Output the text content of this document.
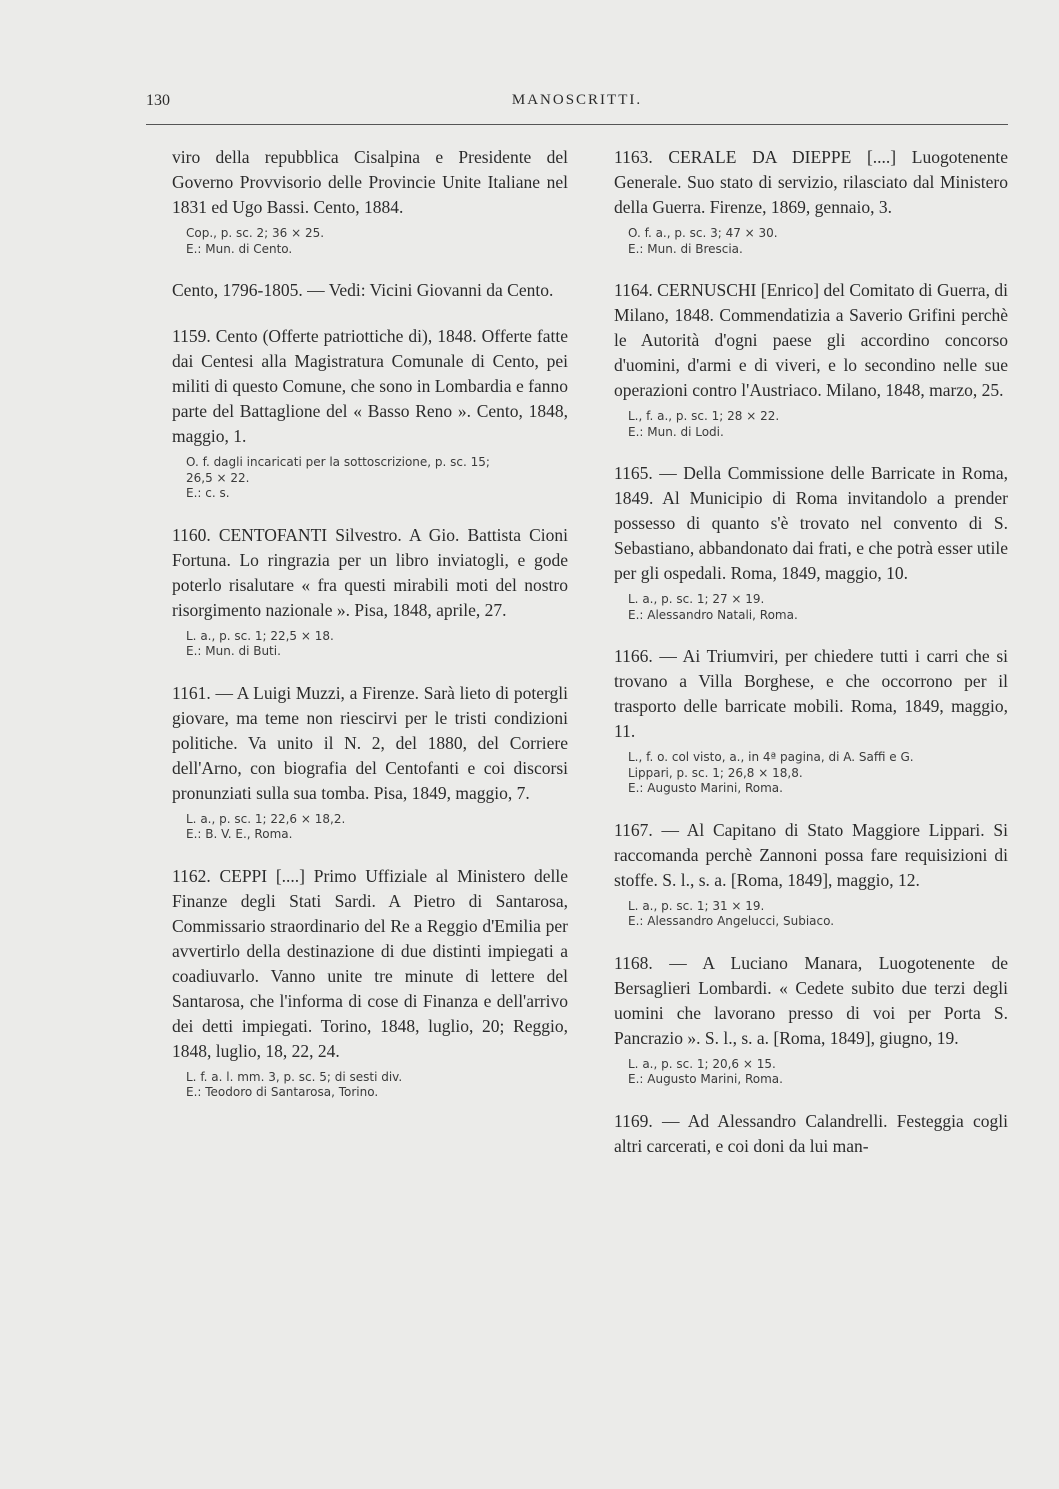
130	MANOSCRITTI.

viro della repubblica Cisalpina e Presidente del Governo Provvisorio delle Provincie Unite Italiane nel 1831 ed Ugo Bassi. Cento, 1884.

Cop., p. sc. 2; 36 × 25.
E.: Mun. di Cento.

Cento, 1796-1805. — Vedi: Vicini Giovanni da Cento.

1159. Cento (Offerte patriottiche di), 1848. Offerte fatte dai Centesi alla Magistratura Comunale di Cento, pei militi di questo Comune, che sono in Lombardia e fanno parte del Battaglione del « Basso Reno ». Cento, 1848, maggio, 1.

O. f. dagli incaricati per la sottoscrizione, p. sc. 15;
26,5 × 22.
E.: c. s.

1160. CENTOFANTI Silvestro. A Gio. Battista Cioni Fortuna. Lo ringrazia per un libro inviatogli, e gode poterlo risalutare « fra questi mirabili moti del nostro risorgimento nazionale ». Pisa, 1848, aprile, 27.

L. a., p. sc. 1; 22,5 × 18.
E.: Mun. di Buti.

1161. — A Luigi Muzzi, a Firenze. Sarà lieto di potergli giovare, ma teme non riescirvi per le tristi condizioni politiche. Va unito il N. 2, del 1880, del Corriere dell'Arno, con biografia del Centofanti e coi discorsi pronunziati sulla sua tomba. Pisa, 1849, maggio, 7.

L. a., p. sc. 1; 22,6 × 18,2.
E.: B. V. E., Roma.

1162. CEPPI [....] Primo Uffiziale al Ministero delle Finanze degli Stati Sardi. A Pietro di Santarosa, Commissario straordinario del Re a Reggio d'Emilia per avvertirlo della destinazione di due distinti impiegati a coadiuvarlo. Vanno unite tre minute di lettere del Santarosa, che l'informa di cose di Finanza e dell'arrivo dei detti impiegati. Torino, 1848, luglio, 20; Reggio, 1848, luglio, 18, 22, 24.

L. f. a. l. mm. 3, p. sc. 5; di sesti div.
E.: Teodoro di Santarosa, Torino.

1163. CERALE DA DIEPPE [....] Luogotenente Generale. Suo stato di servizio, rilasciato dal Ministero della Guerra. Firenze, 1869, gennaio, 3.

O. f. a., p. sc. 3; 47 × 30.
E.: Mun. di Brescia.

1164. CERNUSCHI [Enrico] del Comitato di Guerra, di Milano, 1848. Commendatizia a Saverio Grifini perchè le Autorità d'ogni paese gli accordino concorso d'uomini, d'armi e di viveri, e lo secondino nelle sue operazioni contro l'Austriaco. Milano, 1848, marzo, 25.

L., f. a., p. sc. 1; 28 × 22.
E.: Mun. di Lodi.

1165. — Della Commissione delle Barricate in Roma, 1849. Al Municipio di Roma invitandolo a prender possesso di quanto s'è trovato nel convento di S. Sebastiano, abbandonato dai frati, e che potrà esser utile per gli ospedali. Roma, 1849, maggio, 10.

L. a., p. sc. 1; 27 × 19.
E.: Alessandro Natali, Roma.

1166. — Ai Triumviri, per chiedere tutti i carri che si trovano a Villa Borghese, e che occorrono per il trasporto delle barricate mobili. Roma, 1849, maggio, 11.

L., f. o. col visto, a., in 4ª pagina, di A. Saffi e G.
Lippari, p. sc. 1; 26,8 × 18,8.
E.: Augusto Marini, Roma.

1167. — Al Capitano di Stato Maggiore Lippari. Si raccomanda perchè Zannoni possa fare requisizioni di stoffe. S. l., s. a. [Roma, 1849], maggio, 12.

L. a., p. sc. 1; 31 × 19.
E.: Alessandro Angelucci, Subiaco.

1168. — A Luciano Manara, Luogotenente de Bersaglieri Lombardi. « Cedete subito due terzi degli uomini che lavorano presso di voi per Porta S. Pancrazio ». S. l., s. a. [Roma, 1849], giugno, 19.

L. a., p. sc. 1; 20,6 × 15.
E.: Augusto Marini, Roma.

1169. — Ad Alessandro Calandrelli. Festeggia cogli altri carcerati, e coi doni da lui man-
